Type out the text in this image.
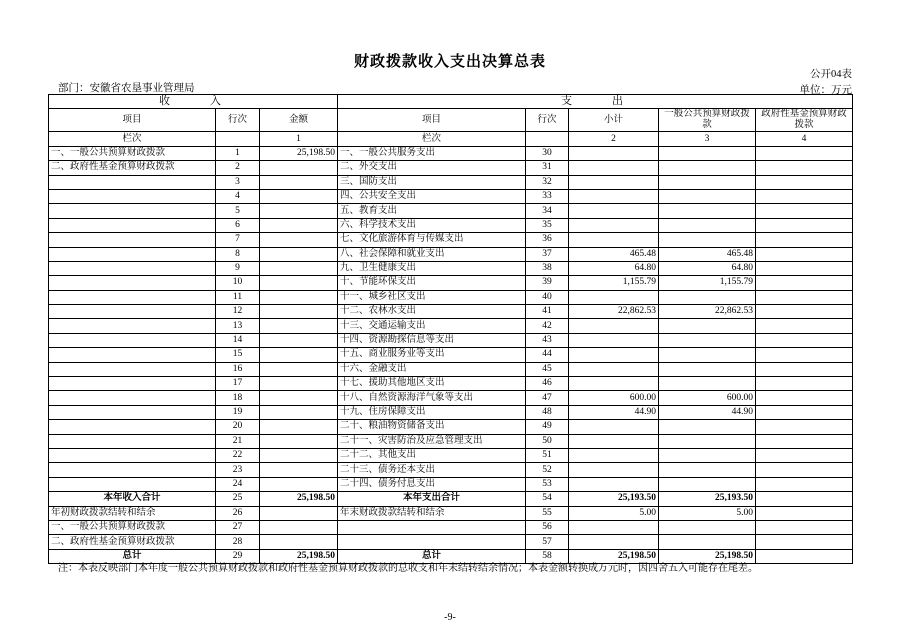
财政拨款收入支出决算总表
公开04表
单位：万元
部门：安徽省农垦事业管理局
收　　入			支　　出				
项目	行次	金额	项目	行次	小计	一般公共预算财政拨款	政府性基金预算财政拨款
栏次		1	栏次		2	3	4
一、一般公共预算财政拨款	1	25,198.50	一、一般公共服务支出	30			
二、政府性基金预算财政拨款	2		二、外交支出	31			
	3		三、国防支出	32			
	4		四、公共安全支出	33			
	5		五、教育支出	34			
	6		六、科学技术支出	35			
	7		七、文化旅游体育与传媒支出	36			
	8		八、社会保障和就业支出	37	465.48	465.48	
	9		九、卫生健康支出	38	64.80	64.80	
	10		十、节能环保支出	39	1,155.79	1,155.79	
	11		十一、城乡社区支出	40			
	12		十二、农林水支出	41	22,862.53	22,862.53	
	13		十三、交通运输支出	42			
	14		十四、资源勘探信息等支出	43			
	15		十五、商业服务业等支出	44			
	16		十六、金融支出	45			
	17		十七、援助其他地区支出	46			
	18		十八、自然资源海洋气象等支出	47	600.00	600.00	
	19		十九、住房保障支出	48	44.90	44.90	
	20		二十、粮油物资储备支出	49			
	21		二十一、灾害防治及应急管理支出	50			
	22		二十二、其他支出	51			
	23		二十三、债务还本支出	52			
	24		二十四、债务付息支出	53			
本年收入合计	25	25,198.50	本年支出合计	54	25,193.50	25,193.50	
年初财政拨款结转和结余	26		年末财政拨款结转和结余	55	5.00	5.00	
一、一般公共预算财政拨款	27			56			
二、政府性基金预算财政拨款	28			57			
总计	29	25,198.50	总计	58	25,198.50	25,198.50	
注：本表反映部门本年度一般公共预算财政拨款和政府性基金预算财政拨款的总收支和年末结转结余情况；本表金额转换成万元时，因四舍五入可能存在尾差。
-9-
